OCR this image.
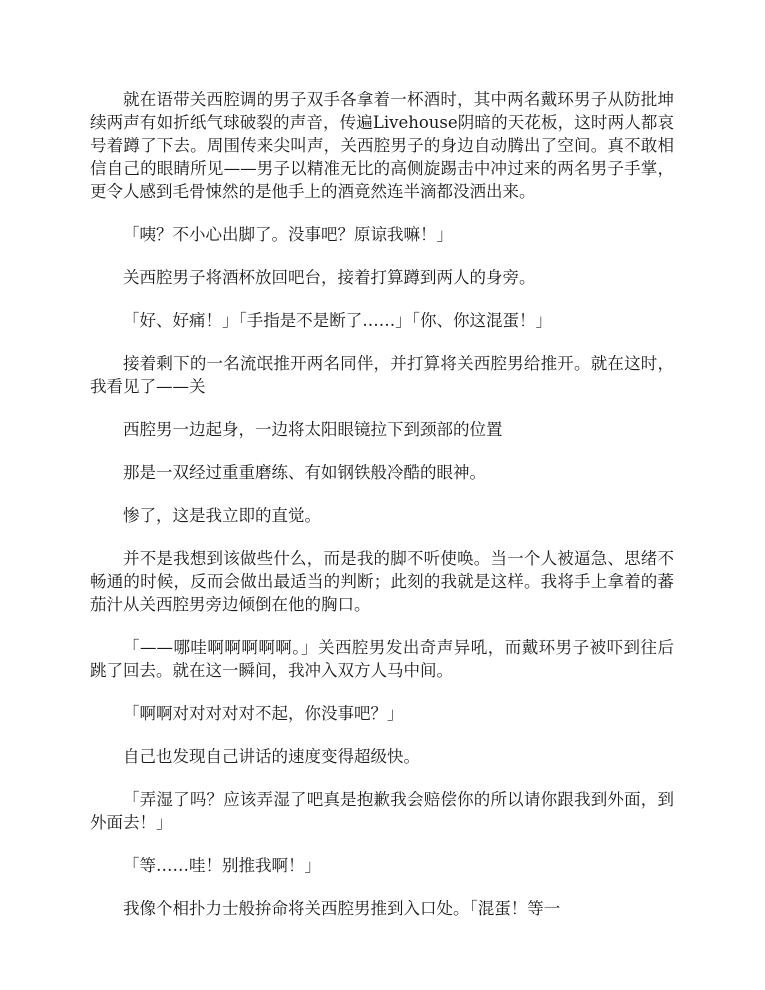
就在语带关西腔调的男子双手各拿着一杯酒时，其中两名戴环男子从防批坤续两声有如折纸气球破裂的声音，传遍Livehouse阴暗的天花板，这时两人都哀号着蹲了下去。周围传来尖叫声，关西腔男子的身边自动腾出了空间。真不敢相信自己的眼睛所见——男子以精准无比的高侧旋踢击中冲过来的两名男子手掌，更令人感到毛骨悚然的是他手上的酒竟然连半滴都没洒出来。

「咦？不小心出脚了。没事吧？原谅我嘛！」

关西腔男子将酒杯放回吧台，接着打算蹲到两人的身旁。

「好、好痛！」「手指是不是断了……」「你、你这混蛋！」

接着剩下的一名流氓推开两名同伴，并打算将关西腔男给推开。就在这时，我看见了——关

西腔男一边起身，一边将太阳眼镜拉下到颈部的位置

那是一双经过重重磨练、有如钢铁般冷酷的眼神。

惨了，这是我立即的直觉。

并不是我想到该做些什么，而是我的脚不听使唤。当一个人被逼急、思绪不畅通的时候，反而会做出最适当的判断；此刻的我就是这样。我将手上拿着的蕃茄汁从关西腔男旁边倾倒在他的胸口。

「——哪哇啊啊啊啊啊。」关西腔男发出奇声异吼，而戴环男子被吓到往后跳了回去。就在这一瞬间，我冲入双方人马中间。

「啊啊对对对对对不起，你没事吧？」

自己也发现自己讲话的速度变得超级快。

「弄湿了吗？应该弄湿了吧真是抱歉我会赔偿你的所以请你跟我到外面，到外面去！」

「等……哇！别推我啊！」

我像个相扑力士般拚命将关西腔男推到入口处。「混蛋！等一
